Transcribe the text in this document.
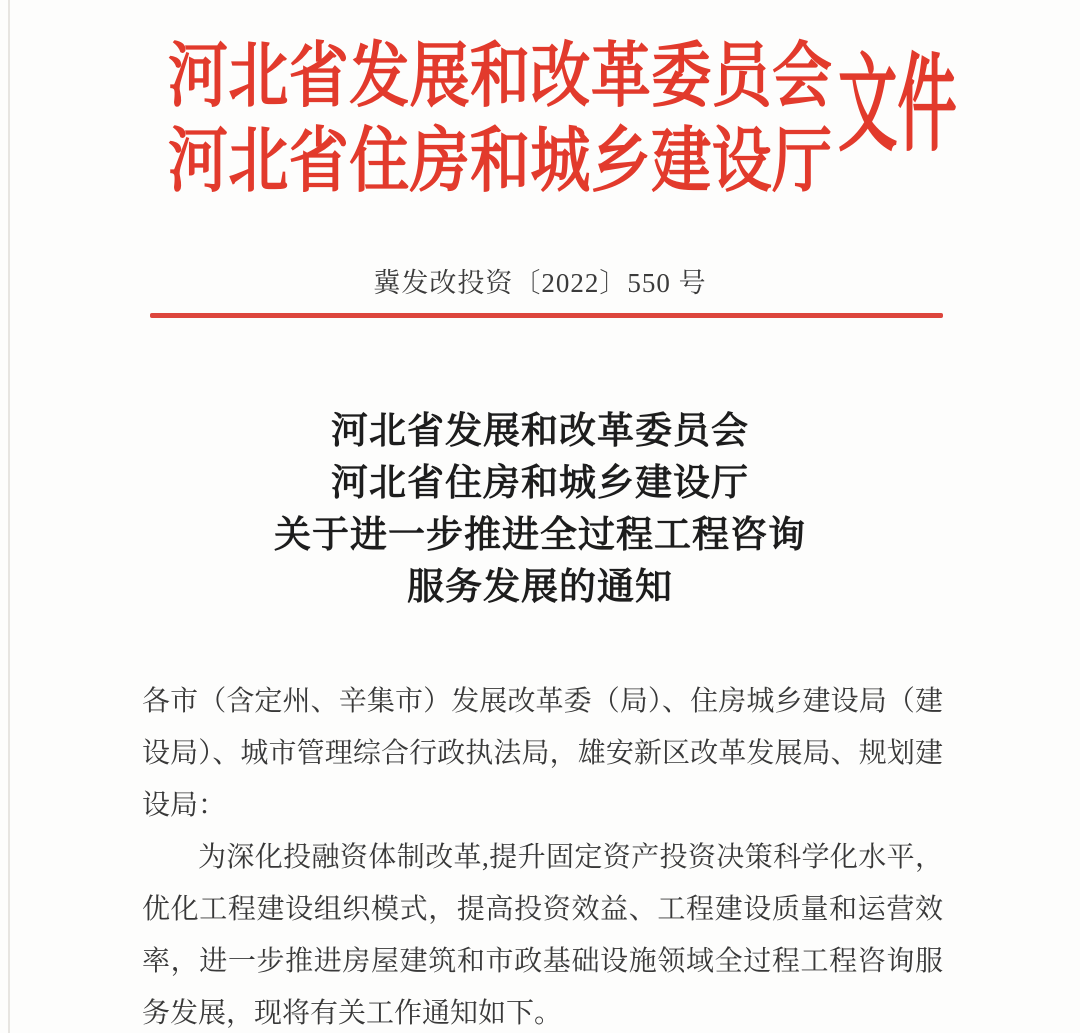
河北省发展和改革委员会
河北省住房和城乡建设厅 文件
冀发改投资〔2022〕550 号
河北省发展和改革委员会
河北省住房和城乡建设厅
关于进一步推进全过程工程咨询
服务发展的通知
各市（含定州、辛集市）发展改革委（局）、住房城乡建设局（建
设局）、城市管理综合行政执法局，雄安新区改革发展局、规划建
设局：
为深化投融资体制改革,提升固定资产投资决策科学化水平，
优化工程建设组织模式，提高投资效益、工程建设质量和运营效
率，进一步推进房屋建筑和市政基础设施领域全过程工程咨询服
务发展，现将有关工作通知如下。
